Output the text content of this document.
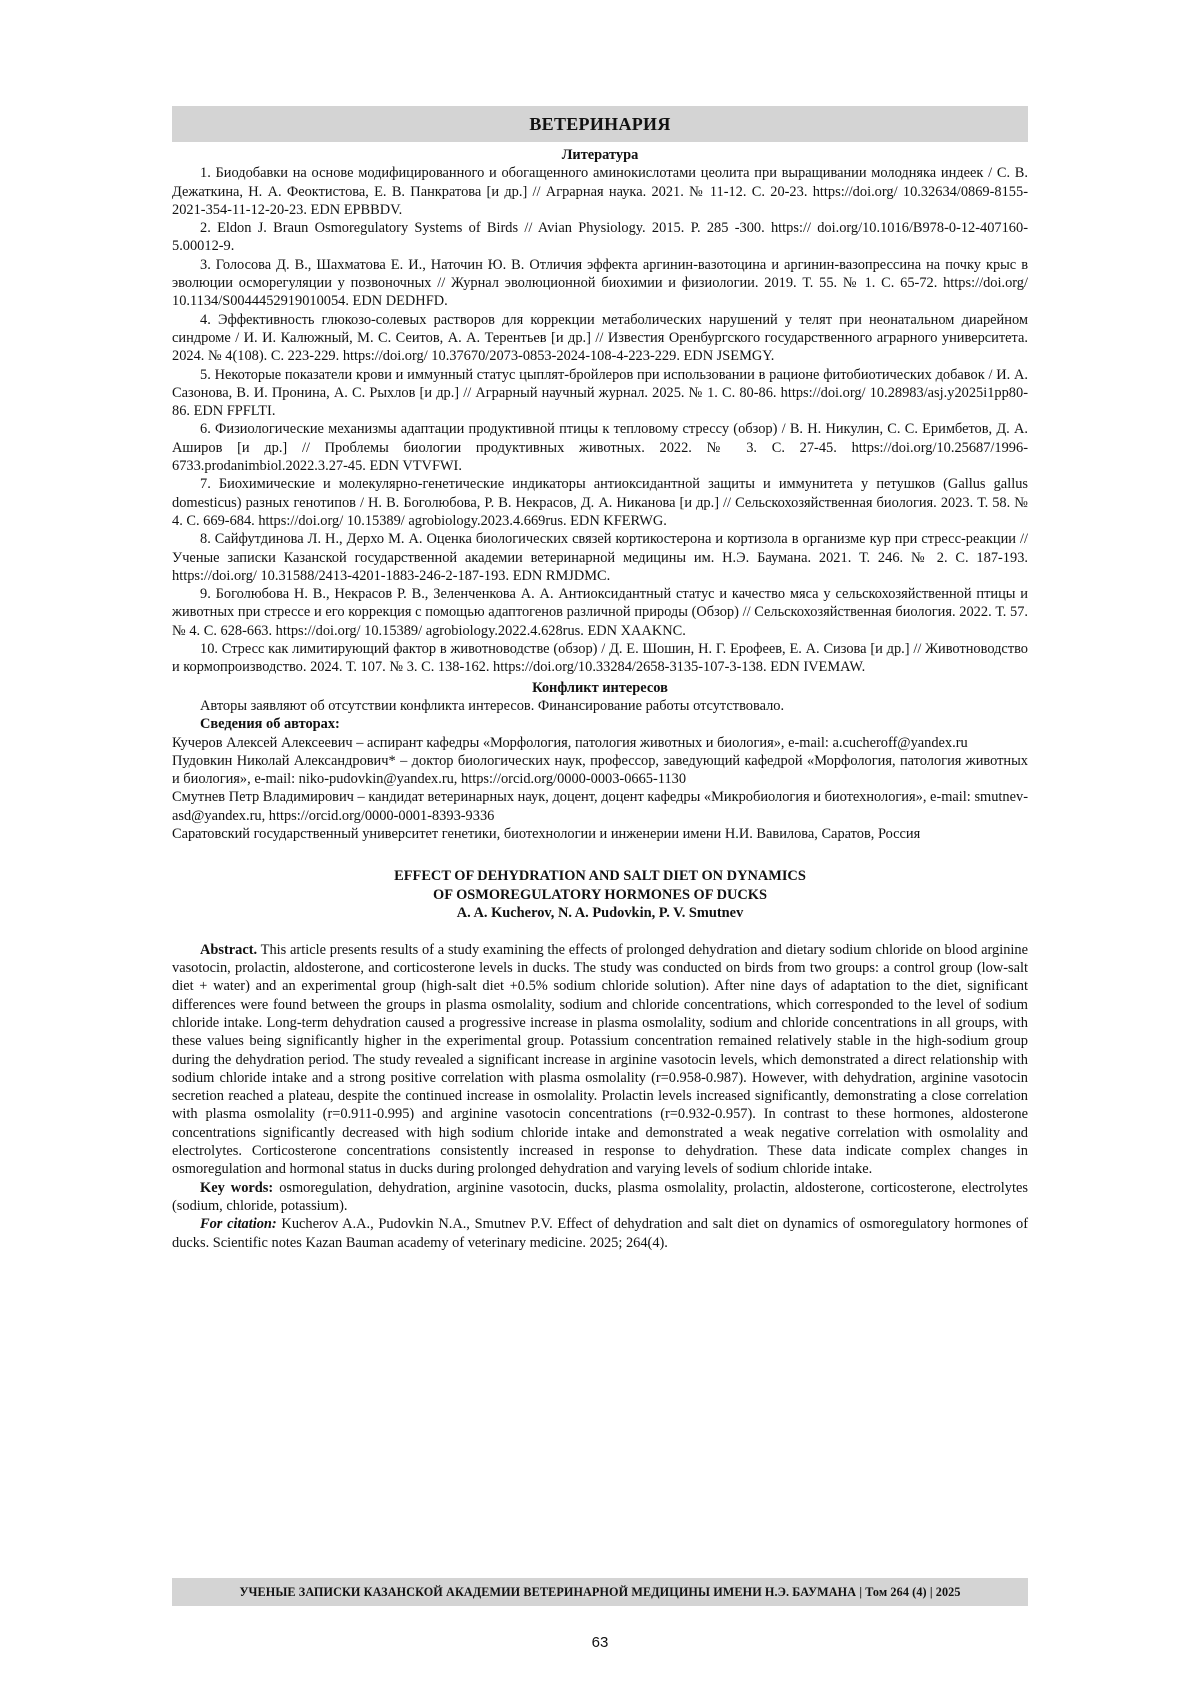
ВЕТЕРИНАРИЯ
Литература

1. Биодобавки на основе модифицированного и обогащенного аминокислотами цеолита при выращивании молодняка индеек / С. В. Дежаткина, Н. А. Феоктистова, Е. В. Панкратова [и др.] // Аграрная наука. 2021. № 11-12. С. 20-23. https://doi.org/ 10.32634/0869-8155-2021-354-11-12-20-23. EDN EPBBDV.

2. Eldon J. Braun Osmoregulatory Systems of Birds // Avian Physiology. 2015. P. 285 -300. https:// doi.org/10.1016/B978-0-12-407160-5.00012-9.

3. Голосова Д. В., Шахматова Е. И., Наточин Ю. В. Отличия эффекта аргинин-вазотоцина и аргинин-вазопрессина на почку крыс в эволюции осморегуляции у позвоночных // Журнал эволюционной биохимии и физиологии. 2019. Т. 55. № 1. С. 65-72. https://doi.org/ 10.1134/S0044452919010054. EDN DEDHFD.

4. Эффективность глюкозо-солевых растворов для коррекции метаболических нарушений у телят при неонатальном диарейном синдроме / И. И. Калюжный, М. С. Сеитов, А. А. Терентьев [и др.] // Известия Оренбургского государственного аграрного университета. 2024. № 4(108). С. 223-229. https://doi.org/ 10.37670/2073-0853-2024-108-4-223-229. EDN JSEMGY.

5. Некоторые показатели крови и иммунный статус цыплят-бройлеров при использовании в рационе фитобиотических добавок / И. А. Сазонова, В. И. Пронина, А. С. Рыхлов [и др.] // Аграрный научный журнал. 2025. № 1. С. 80-86. https://doi.org/ 10.28983/asj.y2025i1pp80-86. EDN FPFLTI.

6. Физиологические механизмы адаптации продуктивной птицы к тепловому стрессу (обзор) / В. Н. Никулин, С. С. Еримбетов, Д. А. Аширов [и др.] // Проблемы биологии продуктивных животных. 2022. № 3. С. 27-45. https://doi.org/10.25687/1996-6733.prodanimbiol.2022.3.27-45. EDN VTVFWI.

7. Биохимические и молекулярно-генетические индикаторы антиоксидантной защиты и иммунитета у петушков (Gallus gallus domesticus) разных генотипов / Н. В. Боголюбова, Р. В. Некрасов, Д. А. Никанова [и др.] // Сельскохозяйственная биология. 2023. Т. 58. № 4. С. 669-684. https://doi.org/ 10.15389/ agrobiology.2023.4.669rus. EDN KFERWG.

8. Сайфутдинова Л. Н., Дерхо М. А. Оценка биологических связей кортикостерона и кортизола в организме кур при стресс-реакции // Ученые записки Казанской государственной академии ветеринарной медицины им. Н.Э. Баумана. 2021. Т. 246. № 2. С. 187-193. https://doi.org/ 10.31588/2413-4201-1883-246-2-187-193. EDN RMJDMC.

9. Боголюбова Н. В., Некрасов Р. В., Зеленченкова А. А. Антиоксидантный статус и качество мяса у сельскохозяйственной птицы и животных при стрессе и его коррекция с помощью адаптогенов различной природы (Обзор) // Сельскохозяйственная биология. 2022. Т. 57. № 4. С. 628-663. https://doi.org/ 10.15389/ agrobiology.2022.4.628rus. EDN XAAKNC.

10. Стресс как лимитирующий фактор в животноводстве (обзор) / Д. Е. Шошин, Н. Г. Ерофеев, Е. А. Сизова [и др.] // Животноводство и кормопроизводство. 2024. Т. 107. № 3. С. 138-162. https://doi.org/10.33284/2658-3135-107-3-138. EDN IVEMAW.

Конфликт интересов

Авторы заявляют об отсутствии конфликта интересов. Финансирование работы отсутствовало.

Сведения об авторах:

Кучеров Алексей Алексеевич – аспирант кафедры «Морфология, патология животных и биология», e-mail: a.cucheroff@yandex.ru

Пудовкин Николай Александрович* – доктор биологических наук, профессор, заведующий кафедрой «Морфология, патология животных и биология», e-mail: niko-pudovkin@yandex.ru, https://orcid.org/0000-0003-0665-1130

Смутнев Петр Владимирович – кандидат ветеринарных наук, доцент, доцент кафедры «Микробиология и биотехнология», e-mail: smutnev-asd@yandex.ru, https://orcid.org/0000-0001-8393-9336

Саратовский государственный университет генетики, биотехнологии и инженерии имени Н.И. Вавилова, Саратов, Россия

EFFECT OF DEHYDRATION AND SALT DIET ON DYNAMICS
OF OSMOREGULATORY HORMONES OF DUCKS
A. A. Kucherov, N. A. Pudovkin, P. V. Smutnev

Abstract. This article presents results of a study examining the effects of prolonged dehydration and dietary sodium chloride on blood arginine vasotocin, prolactin, aldosterone, and corticosterone levels in ducks. The study was conducted on birds from two groups: a control group (low-salt diet + water) and an experimental group (high-salt diet +0.5% sodium chloride solution). After nine days of adaptation to the diet, significant differences were found between the groups in plasma osmolality, sodium and chloride concentrations, which corresponded to the level of sodium chloride intake. Long-term dehydration caused a progressive increase in plasma osmolality, sodium and chloride concentrations in all groups, with these values being significantly higher in the experimental group. Potassium concentration remained relatively stable in the high-sodium group during the dehydration period. The study revealed a significant increase in arginine vasotocin levels, which demonstrated a direct relationship with sodium chloride intake and a strong positive correlation with plasma osmolality (r=0.958-0.987). However, with dehydration, arginine vasotocin secretion reached a plateau, despite the continued increase in osmolality. Prolactin levels increased significantly, demonstrating a close correlation with plasma osmolality (r=0.911-0.995) and arginine vasotocin concentrations (r=0.932-0.957). In contrast to these hormones, aldosterone concentrations significantly decreased with high sodium chloride intake and demonstrated a weak negative correlation with osmolality and electrolytes. Corticosterone concentrations consistently increased in response to dehydration. These data indicate complex changes in osmoregulation and hormonal status in ducks during prolonged dehydration and varying levels of sodium chloride intake.

Key words: osmoregulation, dehydration, arginine vasotocin, ducks, plasma osmolality, prolactin, aldosterone, corticosterone, electrolytes (sodium, chloride, potassium).

For citation: Kucherov A.A., Pudovkin N.A., Smutnev P.V. Effect of dehydration and salt diet on dynamics of osmoregulatory hormones of ducks. Scientific notes Kazan Bauman academy of veterinary medicine. 2025; 264(4).

УЧЕНЫЕ ЗАПИСКИ КАЗАНСКОЙ АКАДЕМИИ ВЕТЕРИНАРНОЙ МЕДИЦИНЫ ИМЕНИ Н.Э. БАУМАНА | Том 264 (4) | 2025
63
